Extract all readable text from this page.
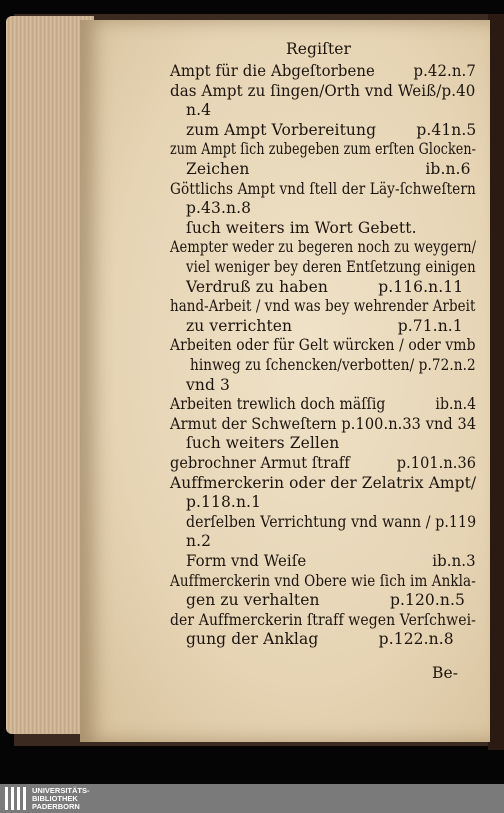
Regiſter
Ampt für die Abgeſtorbene        p.42.n.7
das Ampt zu ſingen/Orth vnd Weiß/p.40
n.4
zum Ampt Vorbereitung        p.41n.5
zum Ampt ſich zubegeben zum erſten Glocken-
Zeichen                                   ib.n.6
Göttlichs Ampt vnd ſtell der Läy-ſchweſtern
p.43.n.8
ſuch weiters im Wort Gebett.
Aempter weder zu begeren noch zu weygern/
viel weniger bey deren Entſetzung einigen
Verdruß zu haben          p.116.n.11
hand-Arbeit / vnd was bey wehrender Arbeit
zu verrichten                     p.71.n.1
Arbeiten oder für Gelt würcken / oder vmb
hinweg zu ſchencken/verbotten/ p.72.n.2
vnd 3
Arbeiten trewlich doch mäſſig           ib.n.4
Armut der Schweſtern p.100.n.33 vnd 34
ſuch weiters Zellen
gebrochner Armut ſtraff          p.101.n.36
Auffmerckerin oder der Zelatrix Ampt/
p.118.n.1
derſelben Verrichtung vnd wann / p.119
n.2
Form vnd Weiſe                          ib.n.3
Auffmerckerin vnd Obere wie ſich im Ankla-
gen zu verhalten              p.120.n.5
der Auffmerckerin ſtraff wegen Verſchwei-
gung der Anklag            p.122.n.8
Be-
UNIVERSITÄTS-
BIBLIOTHEK
PADERBORN
